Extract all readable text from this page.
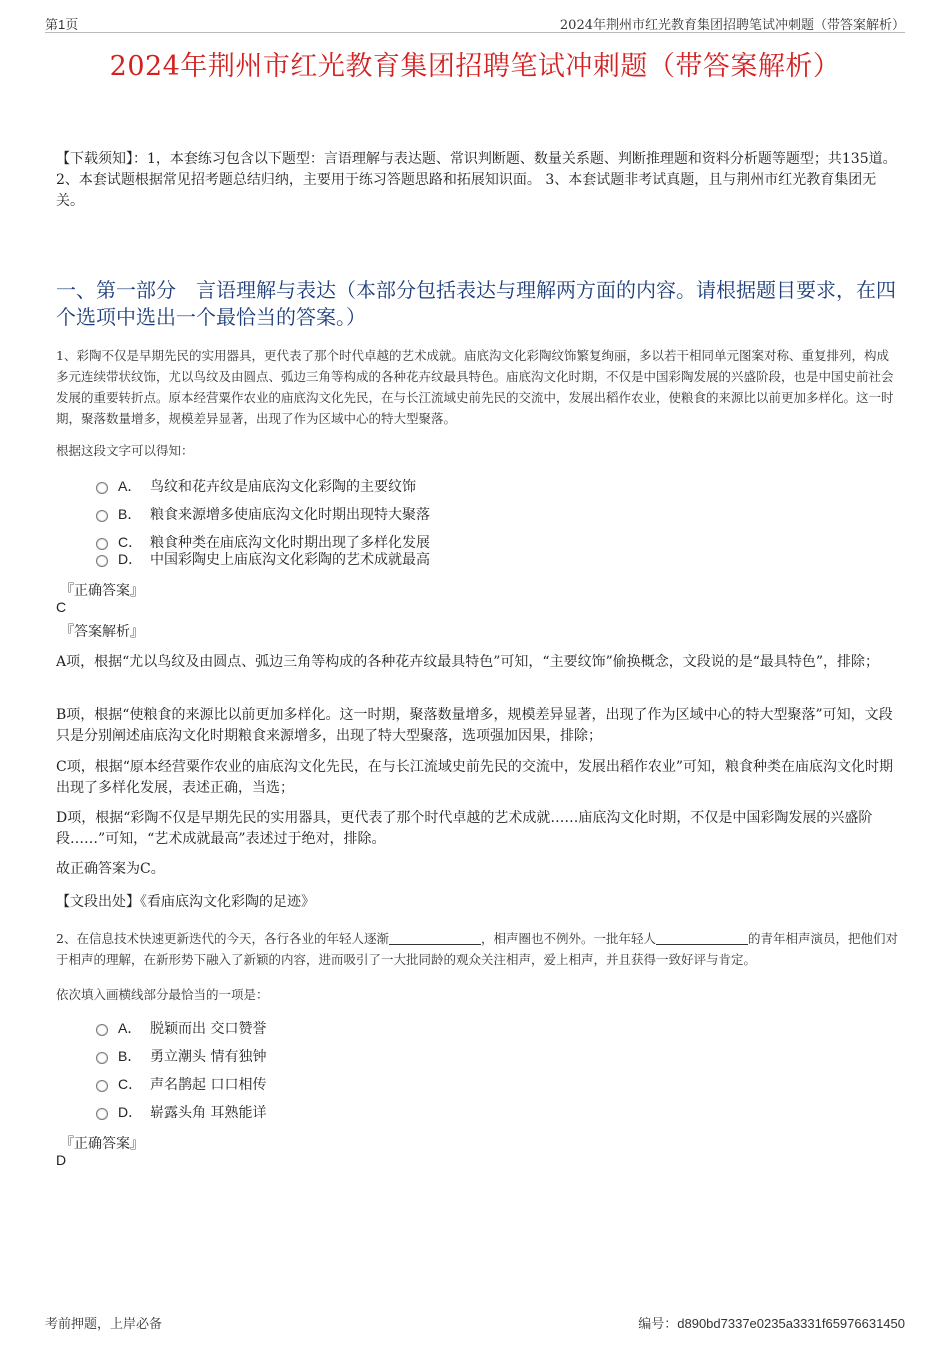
第1页	2024年荆州市红光教育集团招聘笔试冲刺题（带答案解析）
2024年荆州市红光教育集团招聘笔试冲刺题（带答案解析）
【下载须知】：1，本套练习包含以下题型：言语理解与表达题、常识判断题、数量关系题、判断推理题和资料分析题等题型；共135道。 2、本套试题根据常见招考题总结归纳，主要用于练习答题思路和拓展知识面。 3、本套试题非考试真题，且与荆州市红光教育集团无关。
一、第一部分　言语理解与表达（本部分包括表达与理解两方面的内容。请根据题目要求，在四个选项中选出一个最恰当的答案。）
1、彩陶不仅是早期先民的实用器具，更代表了那个时代卓越的艺术成就。庙底沟文化彩陶纹饰繁复绚丽，多以若干相同单元图案对称、重复排列，构成多元连续带状纹饰，尤以鸟纹及由圆点、弧边三角等构成的各种花卉纹最具特色。庙底沟文化时期，不仅是中国彩陶发展的兴盛阶段，也是中国史前社会发展的重要转折点。原本经营粟作农业的庙底沟文化先民，在与长江流域史前先民的交流中，发展出稻作农业，使粮食的来源比以前更加多样化。这一时期，聚落数量增多，规模差异显著，出现了作为区域中心的特大型聚落。
根据这段文字可以得知：
A． 鸟纹和花卉纹是庙底沟文化彩陶的主要纹饰
B． 粮食来源增多使庙底沟文化时期出现特大聚落
C． 粮食种类在庙底沟文化时期出现了多样化发展
D． 中国彩陶史上庙底沟文化彩陶的艺术成就最高
『正确答案』
C
『答案解析』
A项，根据“尤以鸟纹及由圆点、弧边三角等构成的各种花卉纹最具特色”可知，“主要纹饰”偷换概念，文段说的是“最具特色”，排除；
B项，根据“使粮食的来源比以前更加多样化。这一时期，聚落数量增多，规模差异显著，出现了作为区域中心的特大型聚落”可知，文段只是分别阐述庙底沟文化时期粮食来源增多，出现了特大型聚落，选项强加因果，排除；
C项，根据“原本经营粟作农业的庙底沟文化先民，在与长江流域史前先民的交流中，发展出稻作农业”可知，粮食种类在庙底沟文化时期出现了多样化发展，表述正确，当选；
D项，根据“彩陶不仅是早期先民的实用器具，更代表了那个时代卓越的艺术成就……庙底沟文化时期，不仅是中国彩陶发展的兴盛阶段……”可知，“艺术成就最高”表述过于绝对，排除。
故正确答案为C。
【文段出处】《看庙底沟文化彩陶的足迹》
2、在信息技术快速更新迭代的今天，各行各业的年轻人逐渐	，相声圈也不例外。一批年轻人	的青年相声演员，把他们对于相声的理解，在新形势下融入了新颖的内容，进而吸引了一大批同龄的观众关注相声，爱上相声，并且获得一致好评与肯定。
依次填入画横线部分最恰当的一项是：
A． 脱颖而出 交口赞誉
B． 勇立潮头 情有独钟
C． 声名鹊起 口口相传
D． 崭露头角 耳熟能详
『正确答案』
D
考前押题，上岸必备	编号：d890bd7337e0235a3331f65976631450
